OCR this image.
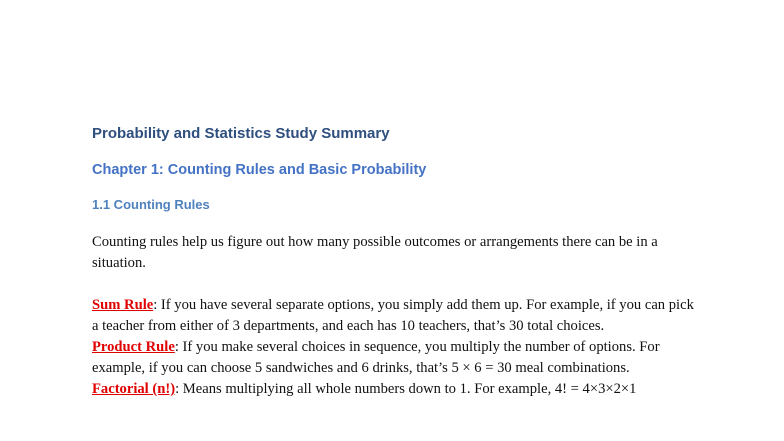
Probability and Statistics Study Summary
Chapter 1: Counting Rules and Basic Probability
1.1 Counting Rules

Counting rules help us figure out how many possible outcomes or arrangements there can be in a situation.

Sum Rule: If you have several separate options, you simply add them up. For example, if you can pick a teacher from either of 3 departments, and each has 10 teachers, that’s 30 total choices.

Product Rule: If you make several choices in sequence, you multiply the number of options. For example, if you can choose 5 sandwiches and 6 drinks, that’s 5 × 6 = 30 meal combinations.

Factorial (n!): Means multiplying all whole numbers down to 1. For example, 4! = 4×3×2×1
